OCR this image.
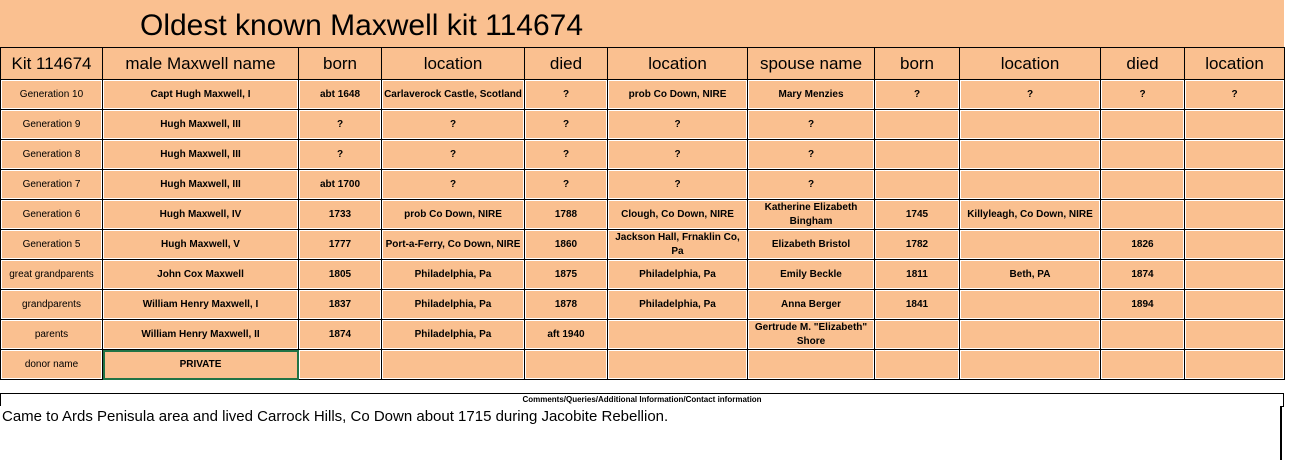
Oldest known Maxwell kit 114674
Kit 114674	male Maxwell name	born	location	died	location	spouse name	born	location	died	location
Generation 10	Capt Hugh Maxwell, I	abt 1648	Carlaverock Castle, Scotland	?	prob Co Down, NIRE	Mary Menzies	?	?	?	?
Generation 9	Hugh Maxwell, III	?	?	?	?	?				
Generation 8	Hugh Maxwell, III	?	?	?	?	?				
Generation 7	Hugh Maxwell, III	abt 1700	?	?	?	?				
Generation 6	Hugh Maxwell, IV	1733	prob Co Down, NIRE	1788	Clough, Co Down, NIRE	Katherine Elizabeth Bingham	1745	Killyleagh, Co Down, NIRE		
Generation 5	Hugh Maxwell, V	1777	Port-a-Ferry, Co Down, NIRE	1860	Jackson Hall, Frnaklin Co, Pa	Elizabeth Bristol	1782		1826	
great grandparents	John Cox Maxwell	1805	Philadelphia, Pa	1875	Philadelphia, Pa	Emily Beckle	1811	Beth, PA	1874	
grandparents	William Henry Maxwell, I	1837	Philadelphia, Pa	1878	Philadelphia, Pa	Anna Berger	1841		1894	
parents	William Henry Maxwell, II	1874	Philadelphia, Pa	aft 1940		Gertrude M. "Elizabeth" Shore				
donor name	PRIVATE									
Comments/Queries/Additional Information/Contact information
Came to Ards Penisula area and lived Carrock Hills, Co Down about 1715 during Jacobite Rebellion.
